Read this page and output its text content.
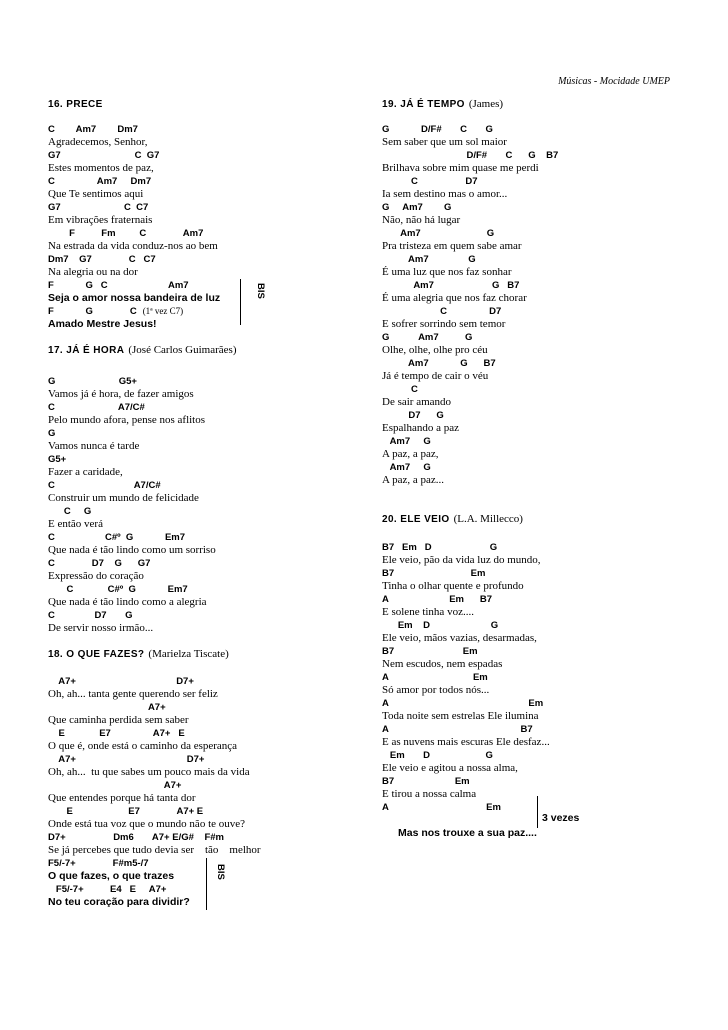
Músicas - Mocidade UMEP
16. PRECE
C        Am7        Dm7
Agradecemos, Senhor,
G7                            C  G7
Estes momentos de paz,
C                Am7     Dm7
Que Te sentimos aqui
G7                        C  C7
Em vibrações fraternais
F          Fm         C              Am7
Na estrada da vida conduz-nos ao bem
Dm7    G7              C   C7
Na alegria ou na dor
F            G   C                       Am7
Seja o amor nossa bandeira de luz
F            G              C (1ª vez C7)
Amado Mestre Jesus!
BIS
17. JÁ É HORA (José Carlos Guimarães)
G                        G5+
Vamos já é hora, de fazer amigos
C                        A7/C#
Pelo mundo afora, pense nos aflitos
G
Vamos nunca é tarde
G5+
Fazer a caridade,
C                              A7/C#
Construir um mundo de felicidade
C     G
E então verá
C                   C#º  G            Em7
Que nada é tão lindo como um sorriso
C              D7    G      G7
Expressão do coração
C             C#º  G            Em7
Que nada é tão lindo como a alegria
C               D7       G
De servir nosso irmão...
18. O QUE FAZES? (Marielza Tiscate)
A7+                                      D7+
Oh, ah... tanta gente querendo ser feliz
A7+
Que caminha perdida sem saber
E             E7                A7+   E
O que é, onde está o caminho da esperança
A7+                                          D7+
Oh, ah...  tu que sabes um pouco mais da vida
A7+
Que entendes porque há tanta dor
E                     E7              A7+ E
Onde está tua voz que o mundo não te ouve?
D7+                  Dm6       A7+ E/G#    F#m
Se já percebes que tudo devia ser    tão    melhor
F5/-7+              F#m5-/7
O que fazes, o que trazes
F5/-7+          E4   E     A7+
No teu coração para dividir?
BIS
19. JÁ É TEMPO (James)
G            D/F#       C       G
Sem saber que um sol maior
D/F#       C      G    B7
Brilhava sobre mim quase me perdi
C                  D7
Ia sem destino mas o amor...
G     Am7        G
Não, não há lugar
Am7                         G
Pra tristeza em quem sabe amar
Am7               G
É uma luz que nos faz sonhar
Am7                      G   B7
É uma alegria que nos faz chorar
C                D7
E sofrer sorrindo sem temor
G           Am7          G
Olhe, olhe, olhe pro céu
Am7            G      B7
Já é tempo de cair o véu
C
De sair amando
D7      G
Espalhando a paz
Am7     G
A paz, a paz,
Am7     G
A paz, a paz...
20. ELE VEIO (L.A. Millecco)
B7   Em   D                      G
Ele veio, pão da vida luz do mundo,
B7                             Em
Tinha o olhar quente e profundo
A                       Em      B7
E solene tinha voz....
Em    D                       G
Ele veio, mãos vazias, desarmadas,
B7                          Em
Nem escudos, nem espadas
A                                Em
Só amor por todos nós...
A                                                     Em
Toda noite sem estrelas Ele ilumina
A                                                  B7
E as nuvens mais escuras Ele desfaz...
Em       D                     G
Ele veio e agitou a nossa alma,
B7                       Em
E tirou a nossa calma
A                                     Em

Mas nos trouxe a sua paz....

3 vezes
